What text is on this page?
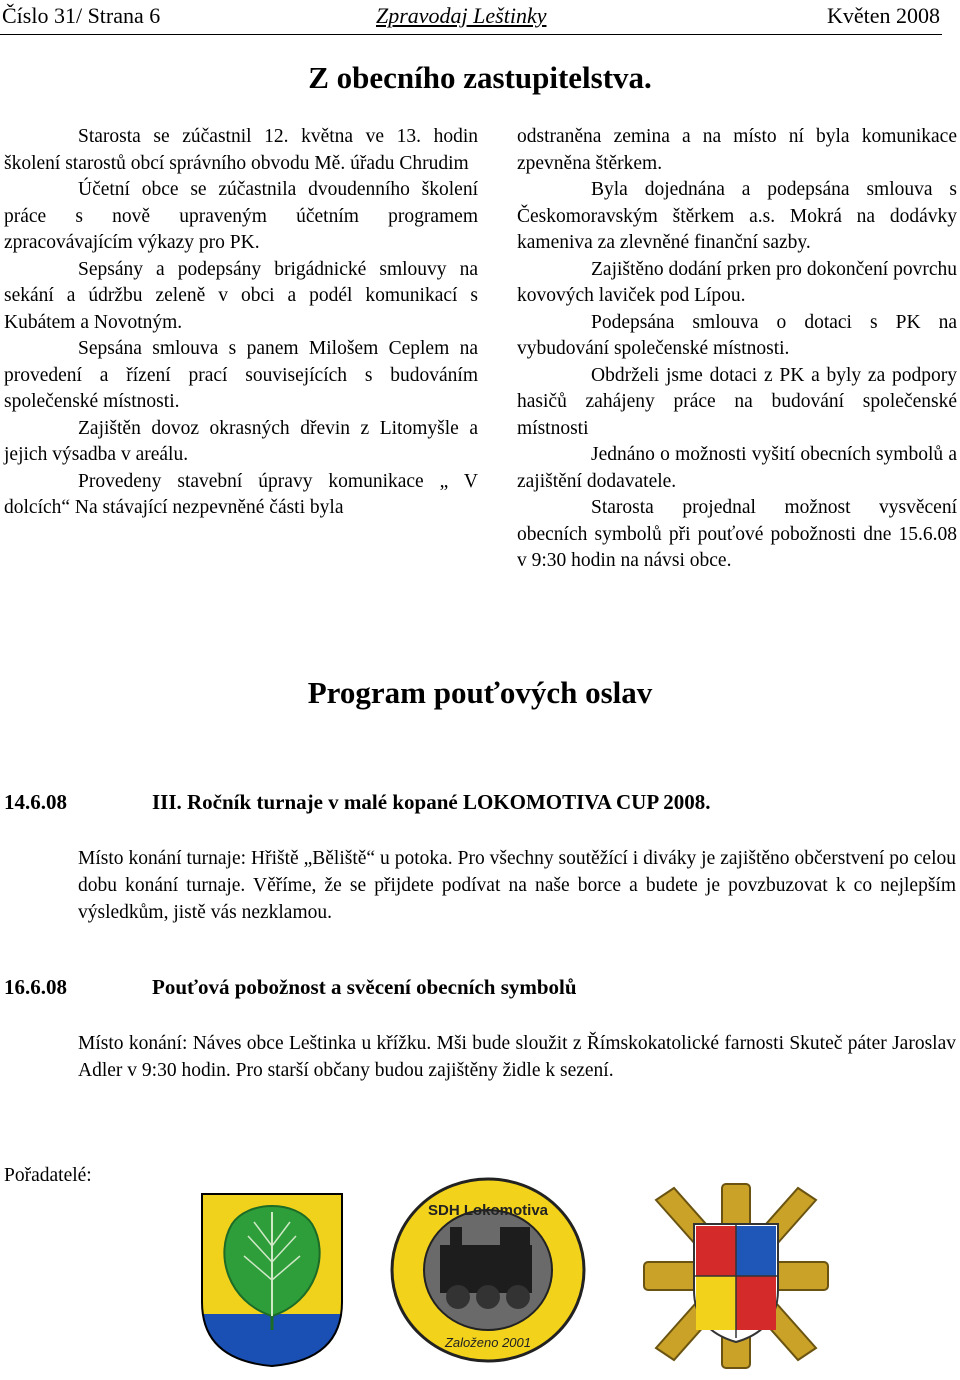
Číslo 31/ Strana 6	Zpravodaj Leštinky	Květen 2008
Z obecního zastupitelstva.

Starosta se zúčastnil 12. května ve 13. hodin školení starostů obcí správního obvodu Mě. úřadu Chrudim

Účetní obce se zúčastnila dvoudenního školení práce s nově upraveným účetním programem zpracovávajícím výkazy pro PK.

Sepsány a podepsány brigádnické smlouvy na sekání a údržbu zeleně v obci a podél komunikací s Kubátem a Novotným.

Sepsána smlouva s panem Milošem Ceplem na provedení a řízení prací souvisejících s budováním společenské místnosti.

Zajištěn dovoz okrasných dřevin z Litomyšle a jejich výsadba v areálu.

Provedeny stavební úpravy komunikace „ V dolcích“ Na stávající nezpevněné části byla

odstraněna zemina a na místo ní byla komunikace zpevněna štěrkem.

Byla dojednána a podepsána smlouva s Českomoravským štěrkem a.s. Mokrá na dodávky kameniva za zlevněné finanční sazby.

Zajištěno dodání prken pro dokončení povrchu kovových laviček pod Lípou.

Podepsána smlouva o dotaci s PK na vybudování společenské místnosti.

Obdrželi jsme dotaci z PK a byly za podpory hasičů zahájeny práce na budování společenské místnosti

Jednáno o možnosti vyšití obecních symbolů a zajištění dodavatele.

Starosta projednal možnost vysvěcení obecních symbolů při pouťové pobožnosti dne 15.6.08 v 9:30 hodin na návsi obce.

Program pouťových oslav
14.6.08	III. Ročník turnaje v malé kopané LOKOMOTIVA CUP 2008.

Místo konání turnaje: Hřiště „Běliště“ u potoka. Pro všechny soutěžící i diváky je zajištěno občerstvení po celou dobu konání turnaje. Věříme, že se přijdete podívat na naše borce a budete je povzbuzovat k co nejlepším výsledkům, jistě vás nezklamou.

16.6.08	Pouťová pobožnost a svěcení obecních symbolů

Místo konání: Náves obce Leštinka u křížku. Mši bude sloužit z Římskokatolické farnosti Skuteč páter Jaroslav Adler v 9:30 hodin. Pro starší občany budou zajištěny židle k sezení.

Pořadatelé:
SDH Lokomotiva
Založeno 2001
